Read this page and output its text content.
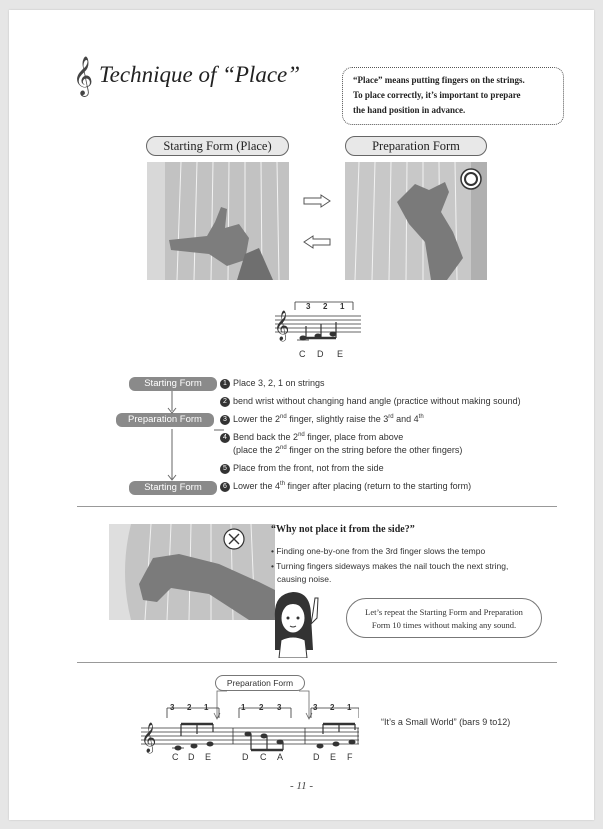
𝄞 Technique of “Place”	“Place” means putting fingers on the strings.
To place correctly, it’s important to prepare
the hand position in advance.
Starting Form (Place)	Preparation Form
𝄞
3 2 1
C D E
Starting Form
Preparation Form
Starting Form
1 Place 3, 2, 1 on strings
2 bend wrist without changing hand angle (practice without making sound)
3 Lower the 2nd finger, slightly raise the 3rd and 4th
4 Bend back the 2nd finger, place from above
(place the 2nd finger on the string before the other fingers)
5 Place from the front, not from the side
6 Lower the 4th finger after placing (return to the starting form)
“Why not place it from the side?”
• Finding one-by-one from the 3rd finger slows the tempo
• Turning fingers sideways makes the nail touch the next string,
causing noise.
Let’s repeat the Starting Form and Preparation
Form 10 times without making any sound.
Preparation Form
𝄞
3 2 1	1 2 3	3 2 1
C D E	D C A	D E F
“It’s a Small World” (bars 9 to12)
- 11 -
